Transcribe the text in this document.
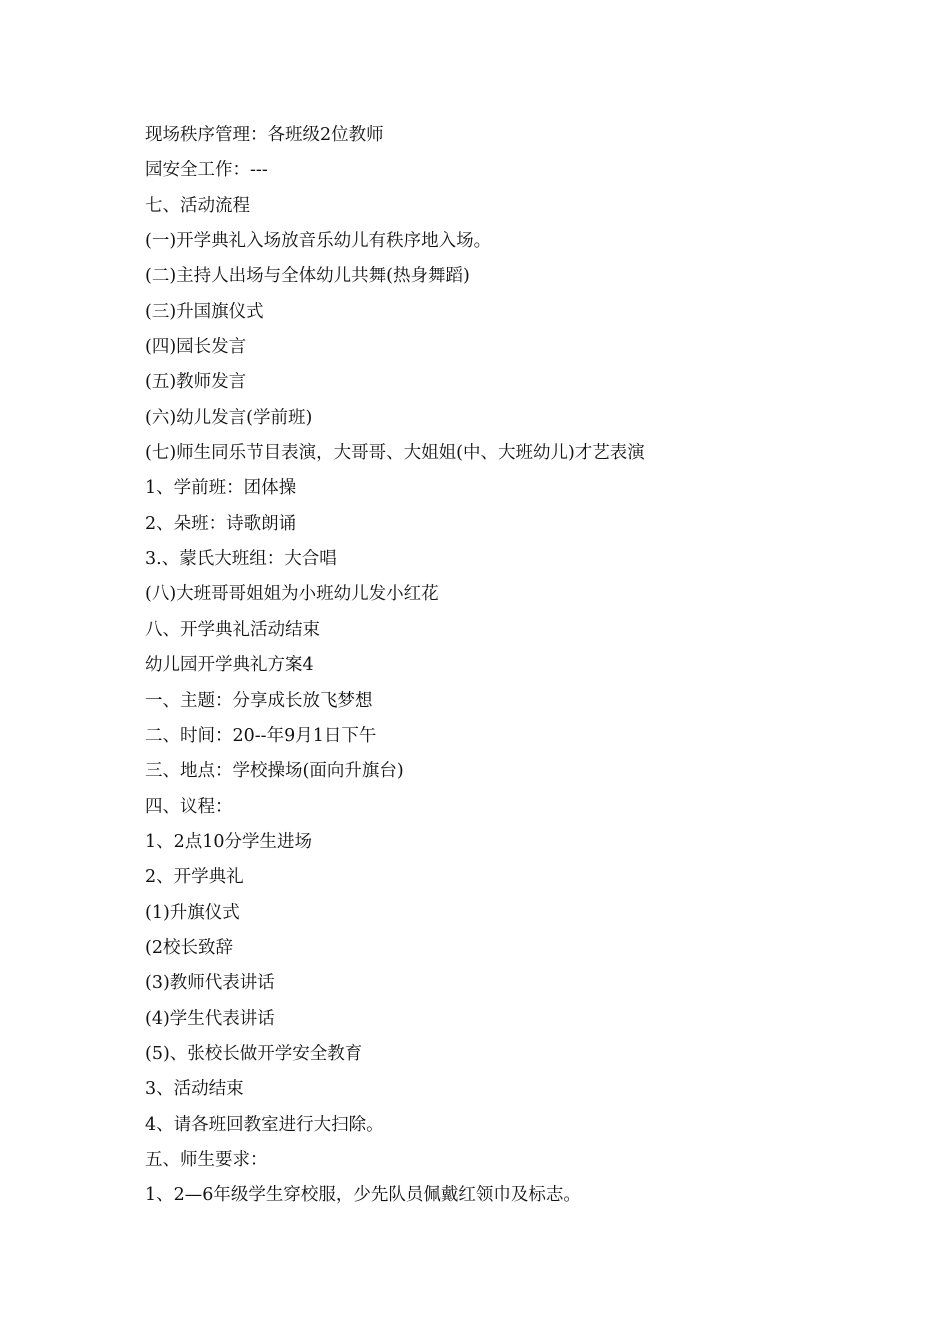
现场秩序管理：各班级2位教师
园安全工作：---
七、活动流程
(一)开学典礼入场放音乐幼儿有秩序地入场。
(二)主持人出场与全体幼儿共舞(热身舞蹈)
(三)升国旗仪式
(四)园长发言
(五)教师发言
(六)幼儿发言(学前班)
(七)师生同乐节目表演，大哥哥、大姐姐(中、大班幼儿)才艺表演
1、学前班：团体操
2、朵班：诗歌朗诵
3.、蒙氏大班组：大合唱
(八)大班哥哥姐姐为小班幼儿发小红花
八、开学典礼活动结束
幼儿园开学典礼方案4
一、主题：分享成长放飞梦想
二、时间：20--年9月1日下午
三、地点：学校操场(面向升旗台)
四、议程：
1、2点10分学生进场
2、开学典礼
(1)升旗仪式
(2校长致辞
(3)教师代表讲话
(4)学生代表讲话
(5)、张校长做开学安全教育
3、活动结束
4、请各班回教室进行大扫除。
五、师生要求：
1、2—6年级学生穿校服，少先队员佩戴红领巾及标志。
